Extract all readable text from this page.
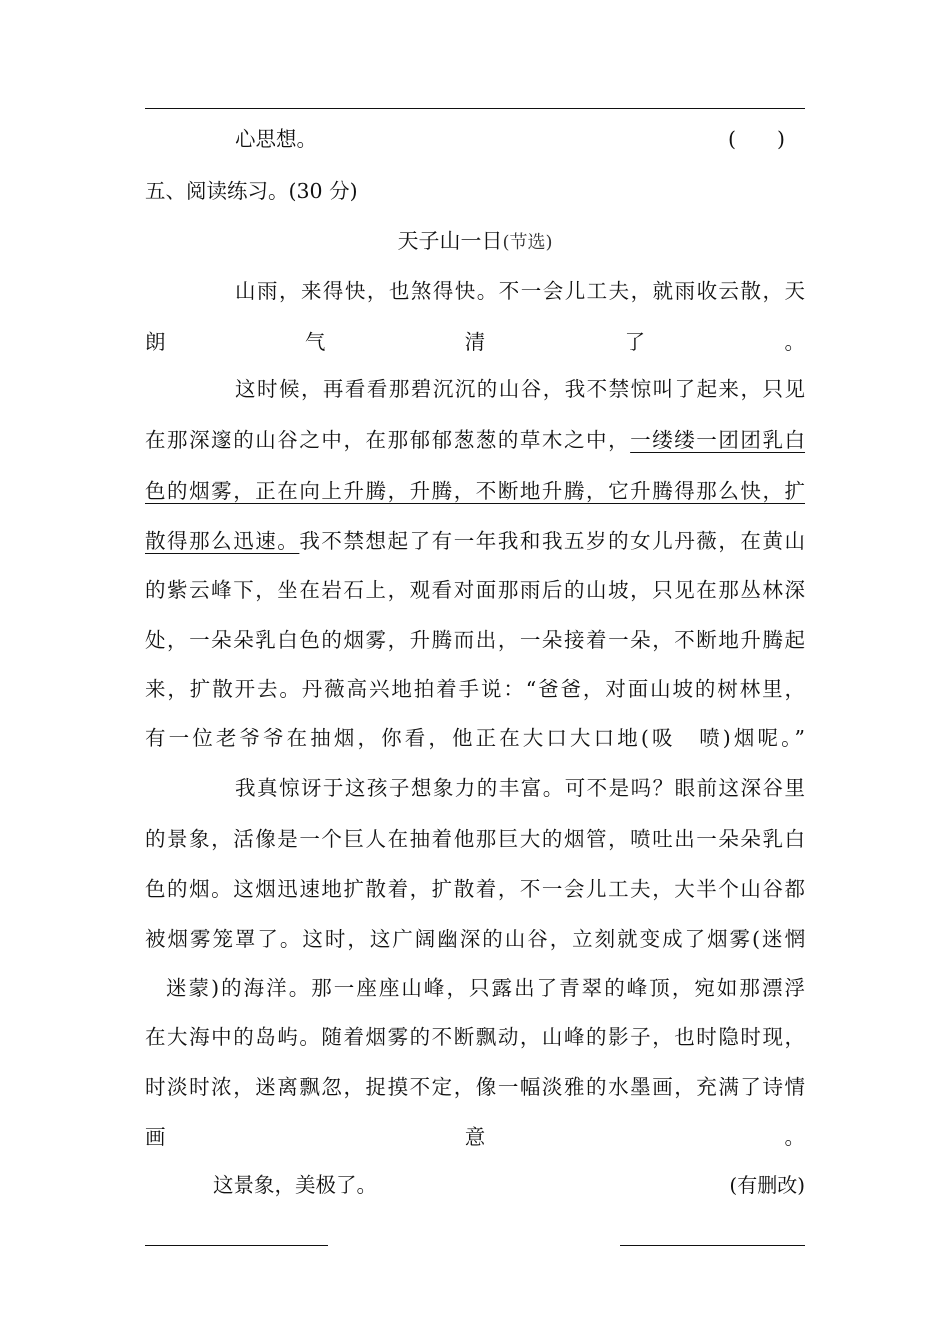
心思想。	(　　)
五、阅读练习。(30 分)
天子山一日(节选)
山雨，来得快，也煞得快。不一会儿工夫，就雨收云散，天
朗气清了。
这时候，再看看那碧沉沉的山谷，我不禁惊叫了起来，只见
在那深邃的山谷之中，在那郁郁葱葱的草木之中，一缕缕一团团乳白
色的烟雾，正在向上升腾，升腾，不断地升腾，它升腾得那么快，扩
散得那么迅速。我不禁想起了有一年我和我五岁的女儿丹薇，在黄山
的紫云峰下，坐在岩石上，观看对面那雨后的山坡，只见在那丛林深
处，一朵朵乳白色的烟雾，升腾而出，一朵接着一朵，不断地升腾起
来，扩散开去。丹薇高兴地拍着手说：“爸爸，对面山坡的树林里，
有一位老爷爷在抽烟，你看，他正在大口大口地(吸　喷)烟呢。”
我真惊讶于这孩子想象力的丰富。可不是吗？眼前这深谷里
的景象，活像是一个巨人在抽着他那巨大的烟管，喷吐出一朵朵乳白
色的烟。这烟迅速地扩散着，扩散着，不一会儿工夫，大半个山谷都
被烟雾笼罩了。这时，这广阔幽深的山谷，立刻就变成了烟雾(迷惘
迷蒙)的海洋。那一座座山峰，只露出了青翠的峰顶，宛如那漂浮
在大海中的岛屿。随着烟雾的不断飘动，山峰的影子，也时隐时现，
时淡时浓，迷离飘忽，捉摸不定，像一幅淡雅的水墨画，充满了诗情
画意。
这景象，美极了。	(有删改)
